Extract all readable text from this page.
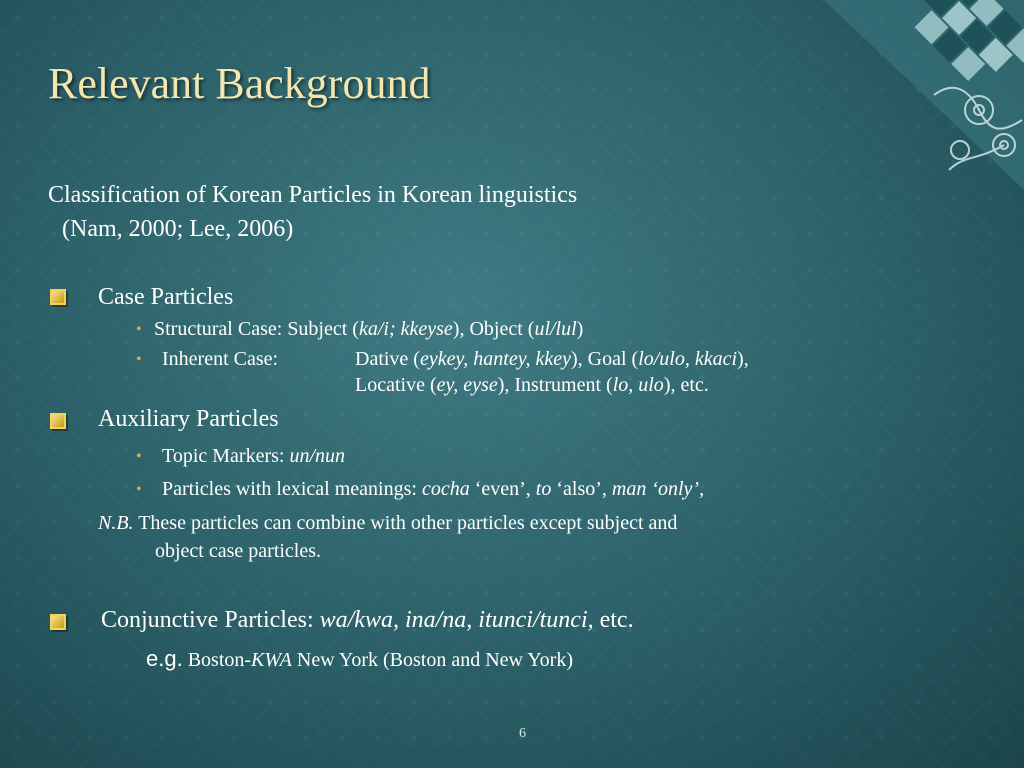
Relevant Background
Classification of Korean Particles in Korean linguistics
(Nam, 2000; Lee, 2006)
Case Particles
• Structural Case: Subject (ka/i; kkeyse), Object (ul/lul)
• Inherent Case:	Dative (eykey, hantey, kkey), Goal (lo/ulo, kkaci),
Locative (ey, eyse), Instrument (lo, ulo), etc.
Auxiliary Particles
• Topic Markers: un/nun
• Particles with lexical meanings: cocha ‘even’, to ‘also’, man ‘only’,
N.B. These particles can combine with other particles except subject and
object case particles.
Conjunctive Particles: wa/kwa, ina/na, itunci/tunci, etc.
e.g. Boston-KWA New York (Boston and New York)
6
